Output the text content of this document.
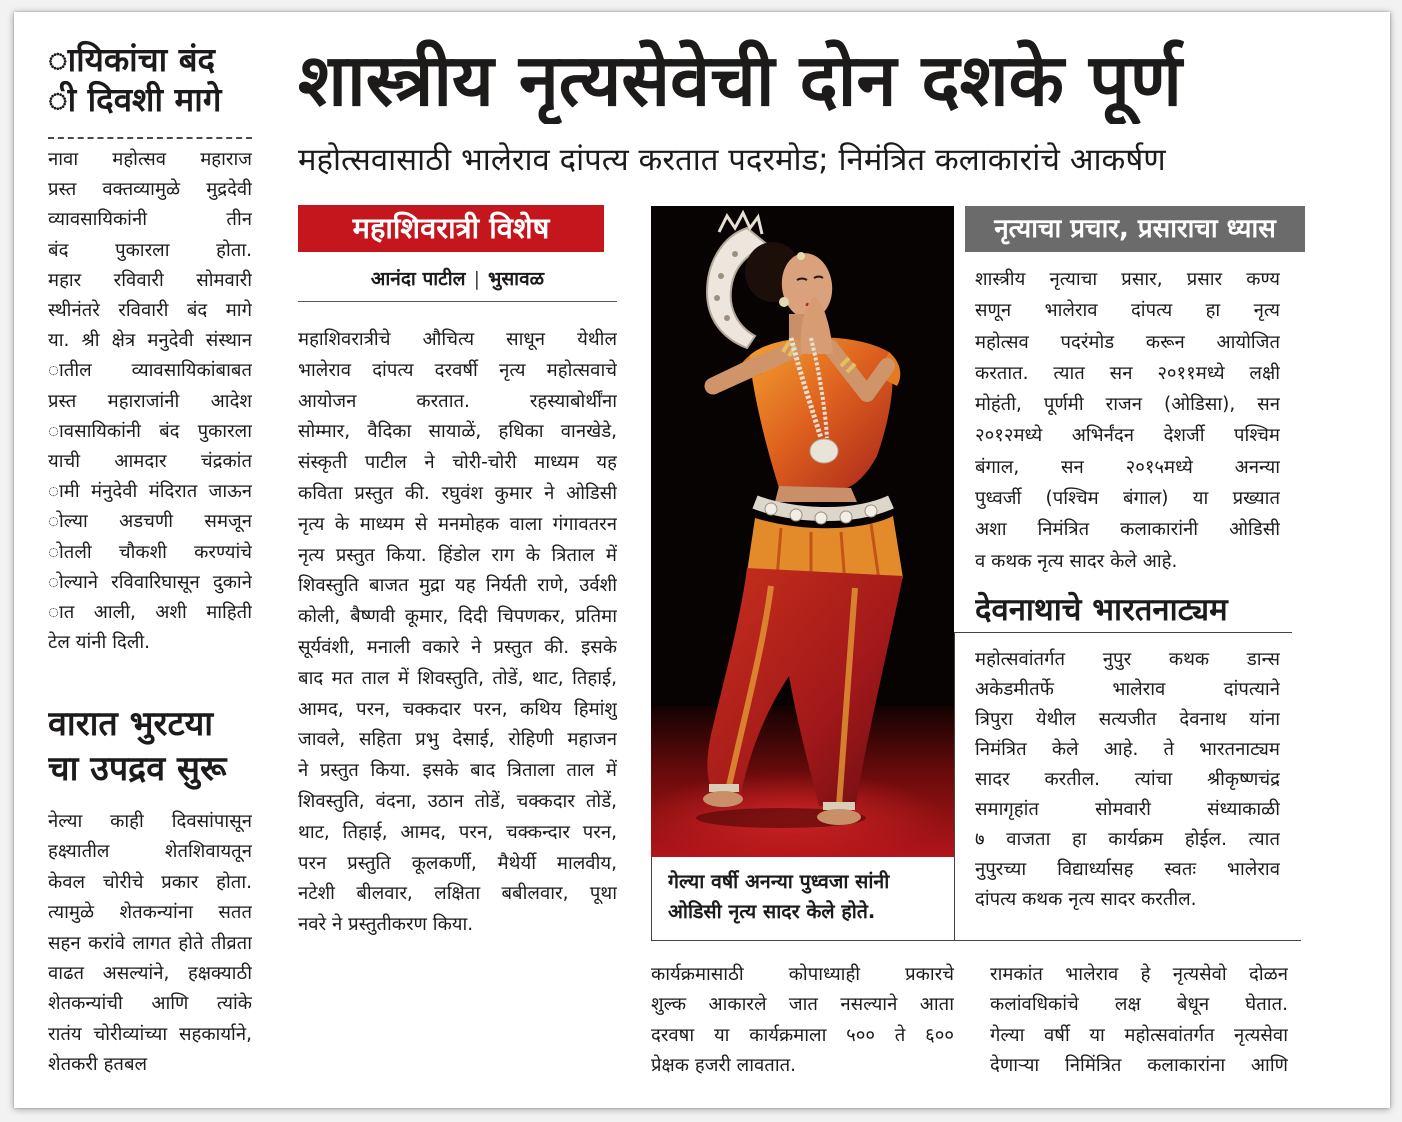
ायिकांचा बंद
ी दिवशी मागे
नावा महोत्सव महाराज
प्रस्त वक्तव्यामुळे मुद्रदेवी
व्यावसायिकांनी तीन
बंद पुकारला होता.
महार रविवारी सोमवारी
स्थीनंतरे रविवारी बंद मागे
या. श्री क्षेत्र मनुदेवी संस्थान
ातील व्यावसायिकांबाबत
प्रस्त महाराजांनी आदेश
ावसायिकांनी बंद पुकारला
याची आमदार चंद्रकांत
ामी मंनुदेवी मंदिरात जाऊन
ोल्या अडचणी समजून
ोतली चौकशी करण्यांचे
ोल्याने रविवारिघासून दुकाने
ात आली, अशी माहिती
टेल यांनी दिली.
वारात भुरटया
चा उपद्रव सुरू
नेल्या काही दिवसांपासून
हक्ष्यातील शेतशिवायतून
केवल चोरीचे प्रकार होता.
त्यामुळे शेतकन्यांना सतत
सहन करांवे लागत होते तीव्रता
वाढत असल्यांने, हक्षक्याठी
शेतकन्यांची आणि त्यांके
रातंय चोरीव्यांच्या सहकार्याने,
शेतकरी हतबल
शास्त्रीय नृत्यसेवेची दोन दशके पूर्ण
महोत्सवासाठी भालेराव दांपत्य करतात पदरमोड; निमंत्रित कलाकारांचे आकर्षण
महाशिवरात्री विशेष
आनंदा पाटील | भुसावळ
महाशिवरात्रीचे औचित्य साधून येथील
भालेराव दांपत्य दरवर्षी नृत्य महोत्सवाचे
आयोजन करतात. रहस्याबोर्थींना
सोम्मार, वैदिका सायाळें, हधिका वानखेडे,
संस्कृती पाटील ने चोरी-चोरी माध्यम यह
कविता प्रस्तुत की. रघुवंश कुमार ने ओडिसी
नृत्य के माध्यम से मनमोहक वाला गंगावतरन
नृत्य प्रस्तुत किया. हिंडोल राग के त्रिताल में
शिवस्तुति बाजत मुद्रा यह निर्यती राणे, उर्वशी
कोली, बैष्णवी कूमार, दिदी चिपणकर, प्रतिमा
सूर्यवंशी, मनाली वकारे ने प्रस्तुत की. इसके
बाद मत ताल में शिवस्तुति, तोडें, थाट, तिहाई,
आमद, परन, चक्कदार परन, कथिय हिमांशु
जावले, सहिता प्रभु देसाई, रोहिणी महाजन
ने प्रस्तुत किया. इसके बाद त्रिताला ताल में
शिवस्तुति, वंदना, उठान तोडें, चक्कदार तोडें,
थाट, तिहाई, आमद, परन, चक्कन्दार परन,
परन प्रस्तुति कूलकर्णी, मैथेर्यी मालवीय,
नटेशी बीलवार, लक्षिता बबीलवार, पूथा
नवरे ने प्रस्तुतीकरण किया.
गेल्या वर्षी अनन्या पुध्वजा सांनी
ओडिसी नृत्य सादर केले होते.
नृत्याचा प्रचार, प्रसाराचा ध्यास
शास्त्रीय नृत्याचा प्रसार, प्रसार कण्य
सणून भालेराव दांपत्य हा नृत्य
महोत्सव पदरंमोड करून आयोजित
करतात. त्यात सन २०११मध्ये लक्षी
मोहंती, पूर्णमी राजन (ओडिसा), सन
२०१२मध्ये अभिर्नंदन देशर्जी पश्चिम
बंगाल, सन २०१५मध्ये अनन्या
पुध्वर्जी (पश्चिम बंगाल) या प्रख्यात
अशा निमंत्रित कलाकारांनी ओडिसी
व कथक नृत्य सादर केले आहे.
देवनाथाचे भारतनाट्यम
महोत्सवांतर्गत नुपुर कथक डान्स
अकेडमीतर्फे भालेराव दांपत्याने
त्रिपुरा येथील सत्यजीत देवनाथ यांना
निमंत्रित केले आहे. ते भारतनाट्यम
सादर करतील. त्यांचा श्रीकृष्णचंद्र
समागृहांत सोमवारी संध्याकाळी
७ वाजता हा कार्यक्रम होईल. त्यात
नुपुरच्या विद्यार्ध्यासह स्वतः भालेराव
दांपत्य कथक नृत्य सादर करतील.
कार्यक्रमासाठी कोपाध्याही प्रकारचे
शुल्क आकारले जात नसल्याने आता
दरवषा या कार्यक्रमाला ५०० ते ६००
प्रेक्षक हजरी लावतात.
रामकांत भालेराव हे नृत्यसेवो दोळन
कलांवधिकांचे लक्ष बेधून घेतात.
गेल्या वर्षी या महोत्सवांतर्गत नृत्यसेवा
देणाऱ्या निमिंत्रित कलाकारांना आणि
